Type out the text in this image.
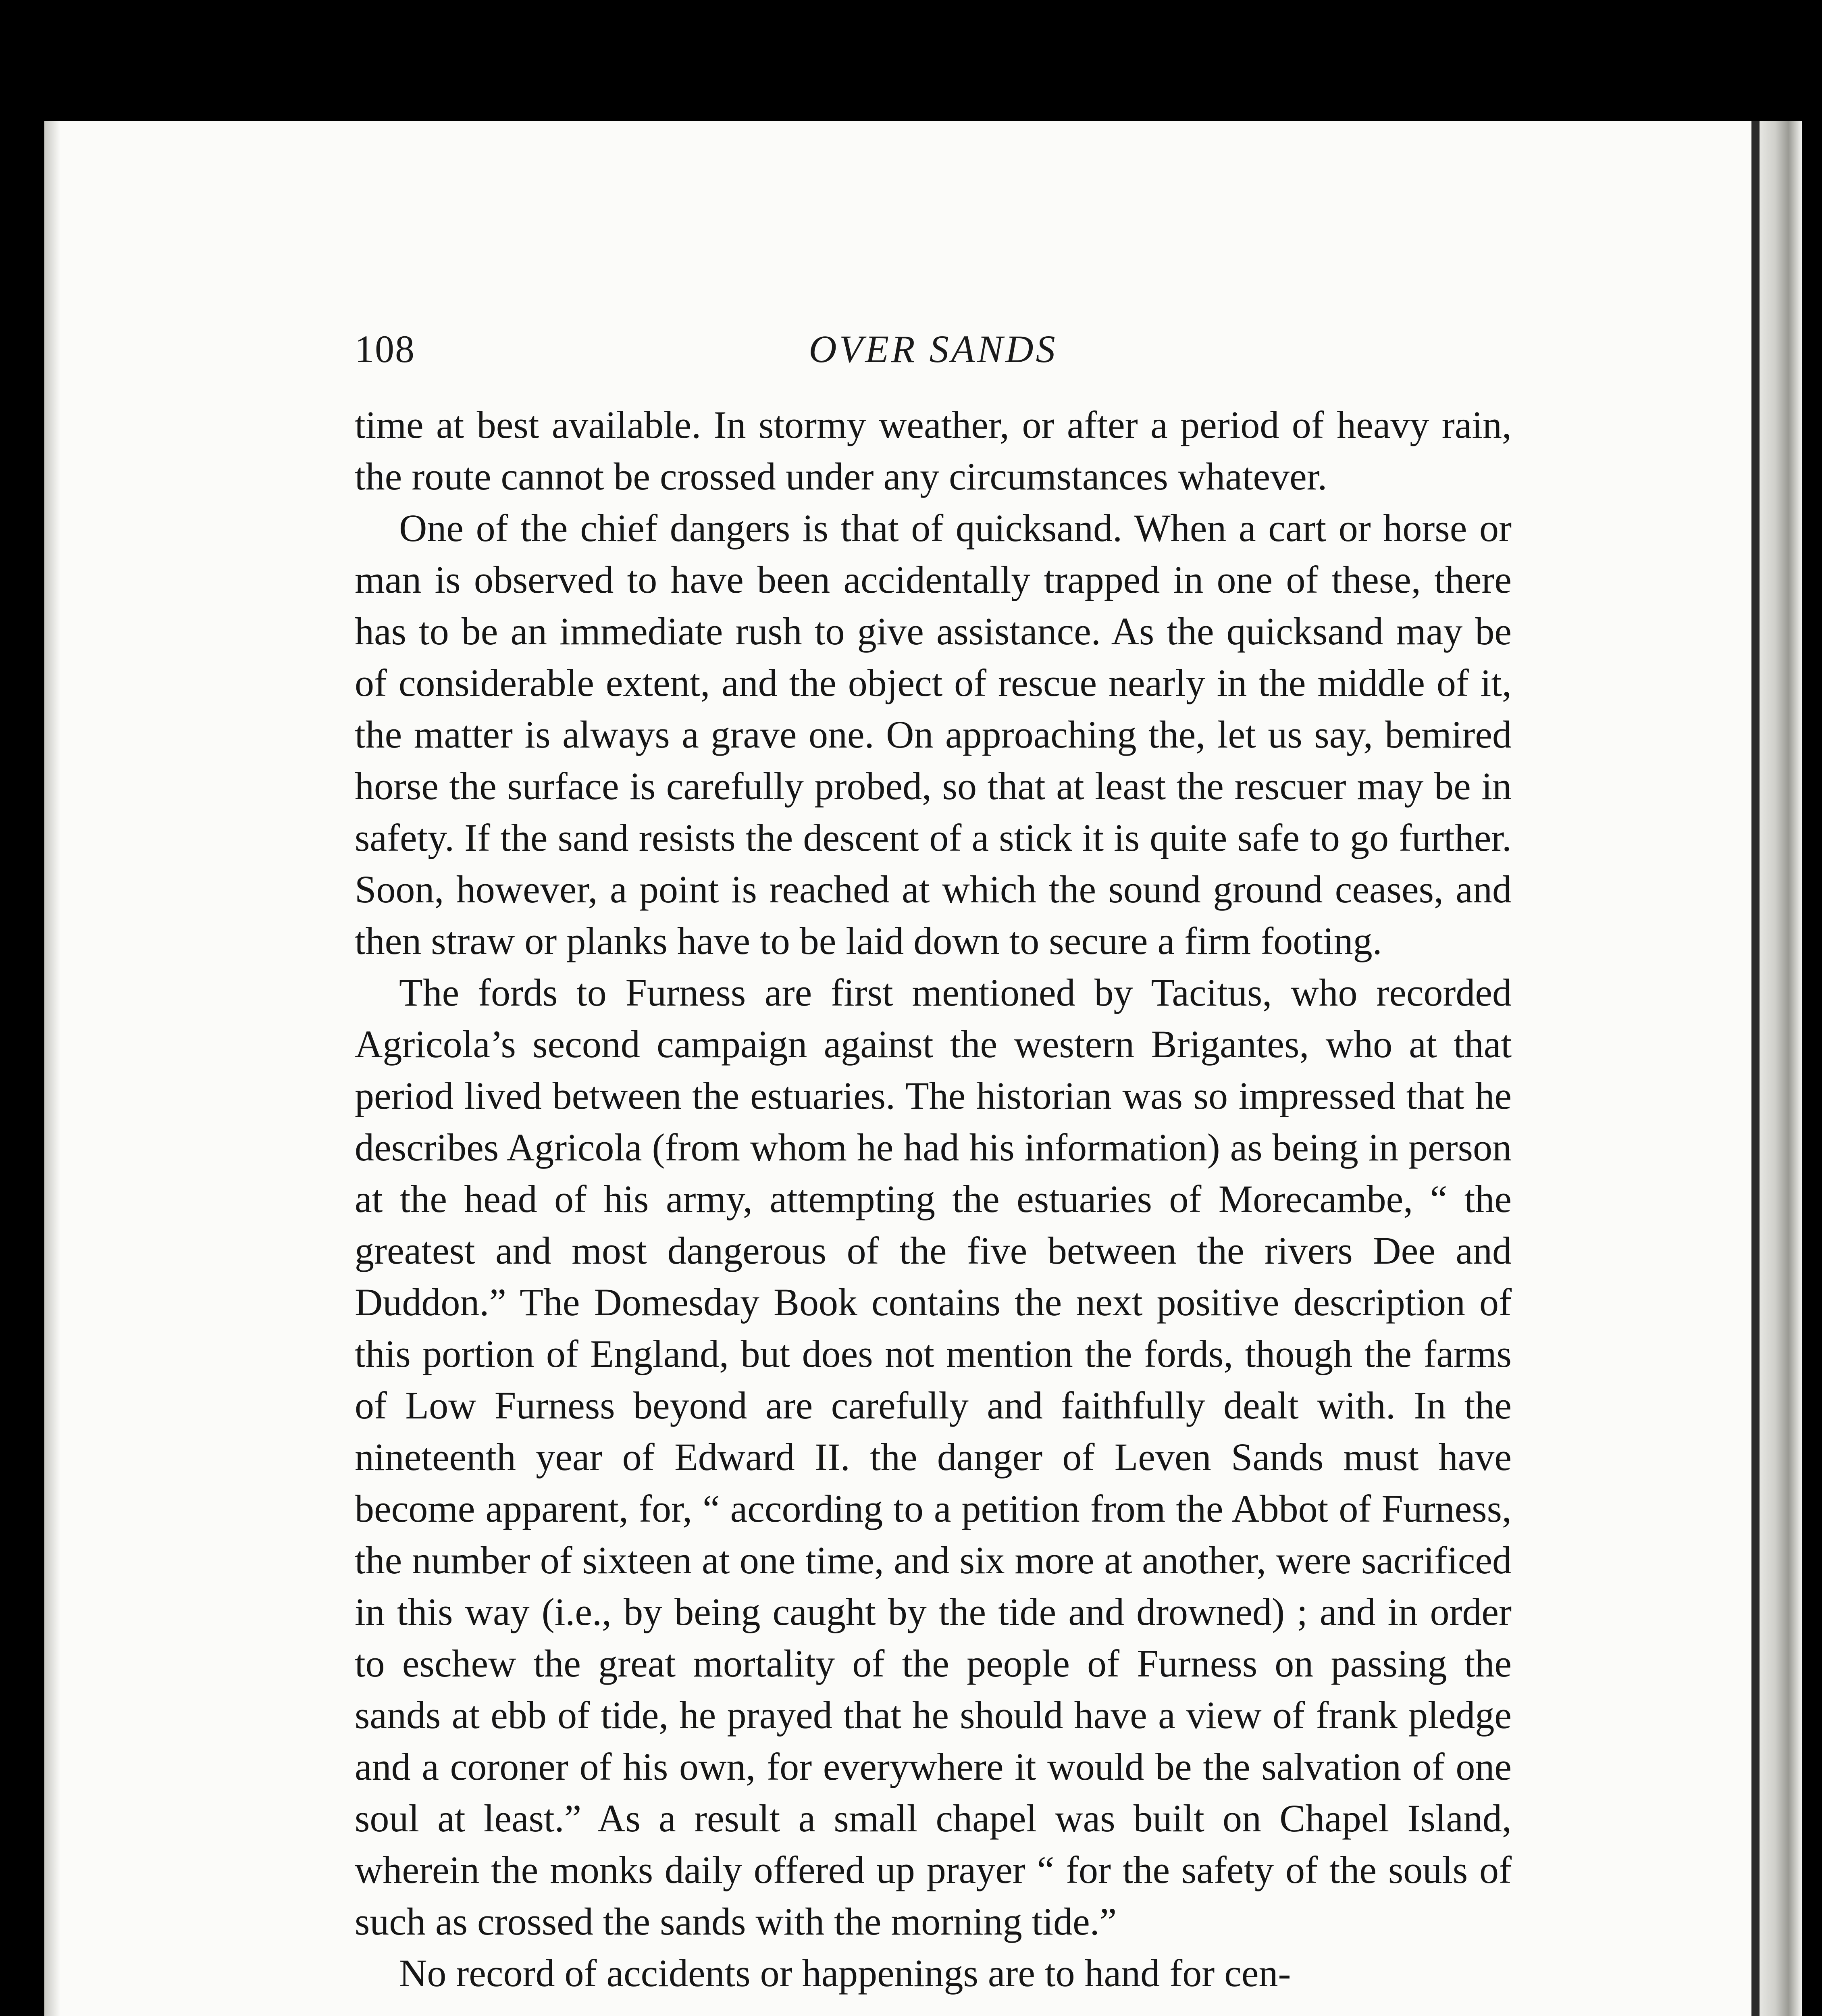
108	OVER SANDS

time at best available. In stormy weather, or after a period of heavy rain, the route cannot be crossed under any circumstances whatever.

One of the chief dangers is that of quicksand. When a cart or horse or man is observed to have been accidentally trapped in one of these, there has to be an immediate rush to give assistance. As the quicksand may be of considerable extent, and the object of rescue nearly in the middle of it, the matter is always a grave one. On approaching the, let us say, bemired horse the surface is carefully probed, so that at least the rescuer may be in safety. If the sand resists the descent of a stick it is quite safe to go further. Soon, however, a point is reached at which the sound ground ceases, and then straw or planks have to be laid down to secure a firm footing.

The fords to Furness are first mentioned by Tacitus, who recorded Agricola’s second campaign against the western Brigantes, who at that period lived between the estuaries. The historian was so impressed that he describes Agricola (from whom he had his information) as being in person at the head of his army, attempting the estuaries of Morecambe, “ the greatest and most dangerous of the five between the rivers Dee and Duddon.” The Domesday Book contains the next positive description of this portion of England, but does not mention the fords, though the farms of Low Furness beyond are carefully and faithfully dealt with. In the nineteenth year of Edward II. the danger of Leven Sands must have become apparent, for, “ according to a petition from the Abbot of Furness, the number of sixteen at one time, and six more at another, were sacrificed in this way (i.e., by being caught by the tide and drowned) ; and in order to eschew the great mortality of the people of Furness on passing the sands at ebb of tide, he prayed that he should have a view of frank pledge and a coroner of his own, for everywhere it would be the salvation of one soul at least.” As a result a small chapel was built on Chapel Island, wherein the monks daily offered up prayer “ for the safety of the souls of such as crossed the sands with the morning tide.”

No record of accidents or happenings are to hand for cen-
